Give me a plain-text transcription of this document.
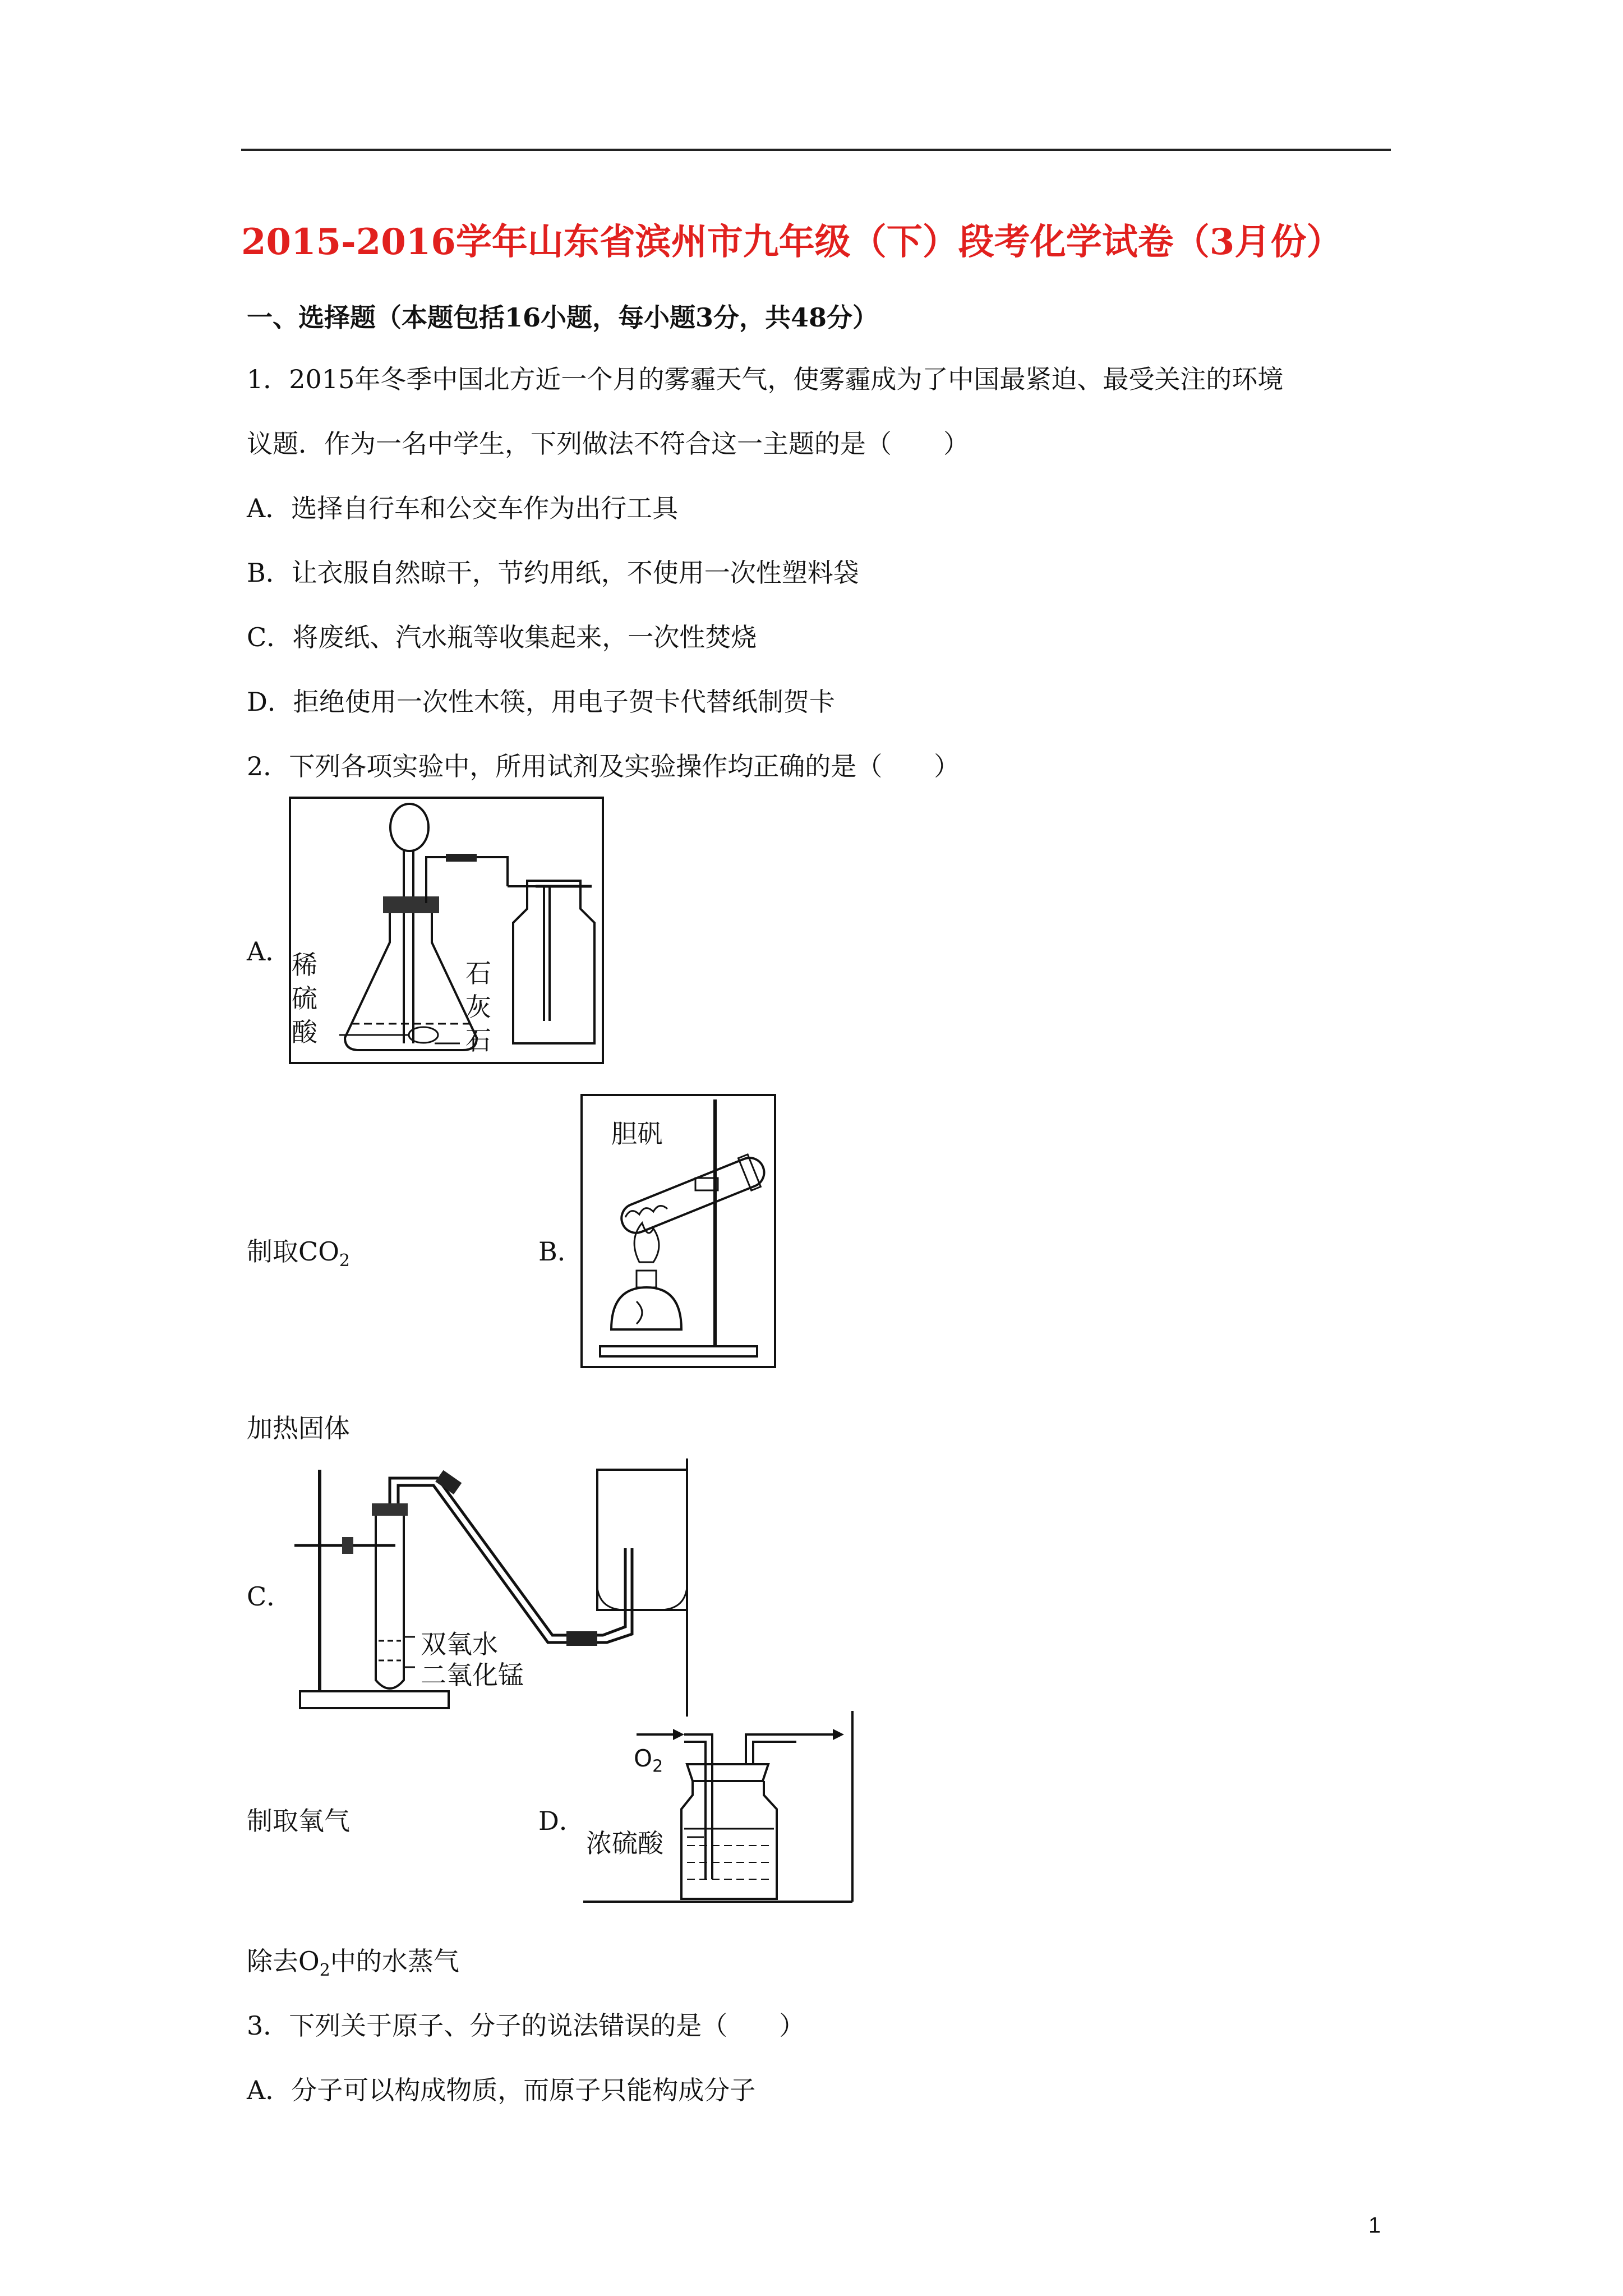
2015-2016学年山东省滨州市九年级（下）段考化学试卷（3月份）
一、选择题（本题包括16小题，每小题3分，共48分）
1．2015年冬季中国北方近一个月的雾霾天气，使雾霾成为了中国最紧迫、最受关注的环境
议题．作为一名中学生，下列做法不符合这一主题的是（　　）
A．选择自行车和公交车作为出行工具
B．让衣服自然晾干，节约用纸，不使用一次性塑料袋
C．将废纸、汽水瓶等收集起来，一次性焚烧
D．拒绝使用一次性木筷，用电子贺卡代替纸制贺卡
2．下列各项实验中，所用试剂及实验操作均正确的是（　　）
A． 稀
硫
酸
石
灰
石
制取$CO_2$	B．
胆矾
加热固体
C．
双氧水
二氧化锰
制取氧气	D．
$O_2$
浓硫酸
除去$O_2$中的水蒸气
3．下列关于原子、分子的说法错误的是（　　）
A．分子可以构成物质，而原子只能构成分子
1
